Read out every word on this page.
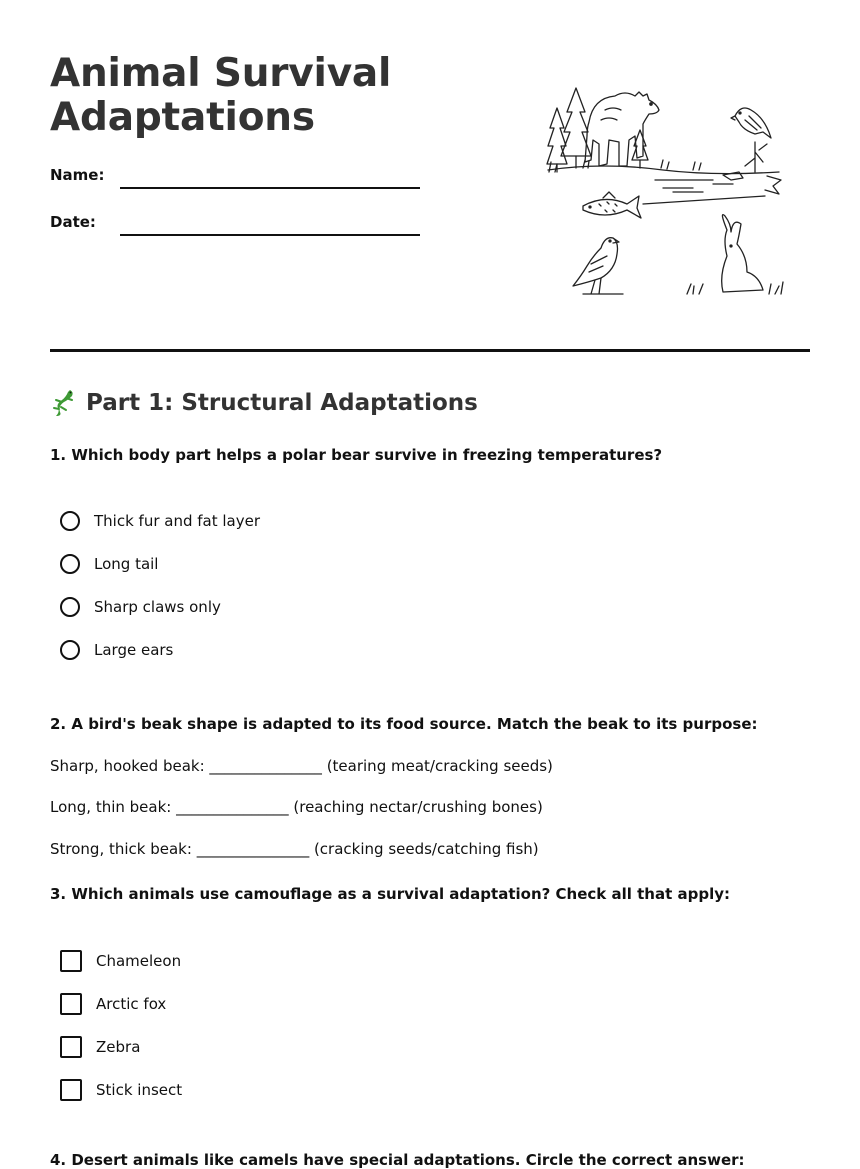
Animal Survival
Adaptations
Name:
Date:
Part 1: Structural Adaptations
1. Which body part helps a polar bear survive in freezing temperatures?
Thick fur and fat layer
Long tail
Sharp claws only
Large ears
2. A bird's beak shape is adapted to its food source. Match the beak to its purpose:
Sharp, hooked beak: _______________ (tearing meat/cracking seeds)
Long, thin beak: _______________ (reaching nectar/crushing bones)
Strong, thick beak: _______________ (cracking seeds/catching fish)
3. Which animals use camouflage as a survival adaptation? Check all that apply:
Chameleon
Arctic fox
Zebra
Stick insect
4. Desert animals like camels have special adaptations. Circle the correct answer:
